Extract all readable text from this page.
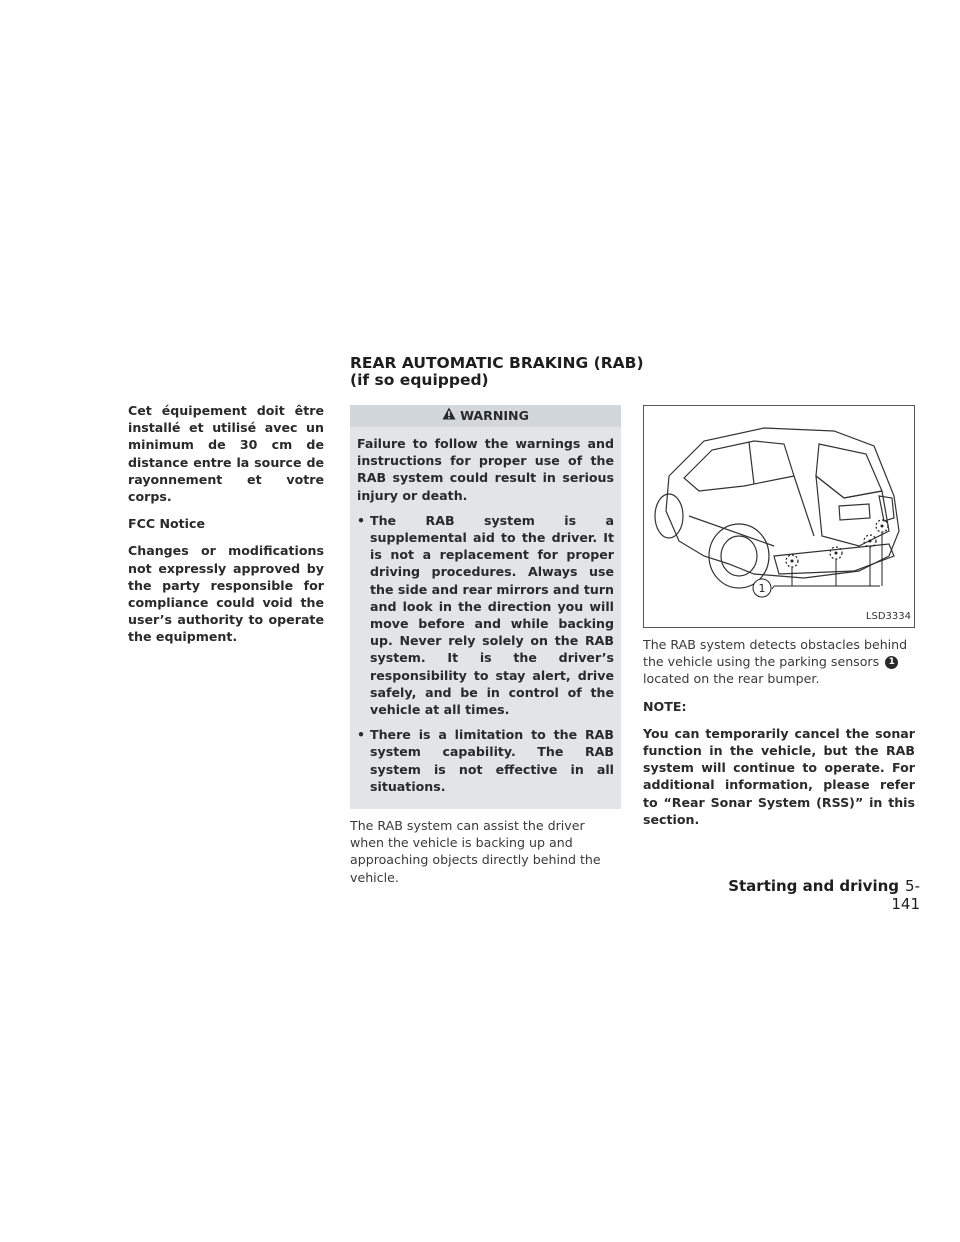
REAR AUTOMATIC BRAKING (RAB) (if so equipped)

Cet équipement doit être installé et utilisé avec un minimum de 30 cm de distance entre la source de rayonnement et votre corps.

FCC Notice

Changes or modifications not expressly approved by the party responsible for compliance could void the user’s authority to operate the equipment.

WARNING

Failure to follow the warnings and instructions for proper use of the RAB system could result in serious injury or death.

• The RAB system is a supplemental aid to the driver. It is not a replacement for proper driving procedures. Always use the side and rear mirrors and turn and look in the direction you will move before and while backing up. Never rely solely on the RAB system. It is the driver’s responsibility to stay alert, drive safely, and be in control of the vehicle at all times.
• There is a limitation to the RAB system capability. The RAB system is not effective in all situations.

The RAB system can assist the driver when the vehicle is backing up and approaching objects directly behind the vehicle.

1
LSD3334

The RAB system detects obstacles behind the vehicle using the parking sensors 1 located on the rear bumper.

NOTE:

You can temporarily cancel the sonar function in the vehicle, but the RAB system will continue to operate. For additional information, please refer to “Rear Sonar System (RSS)” in this section.

Starting and driving 5-141
